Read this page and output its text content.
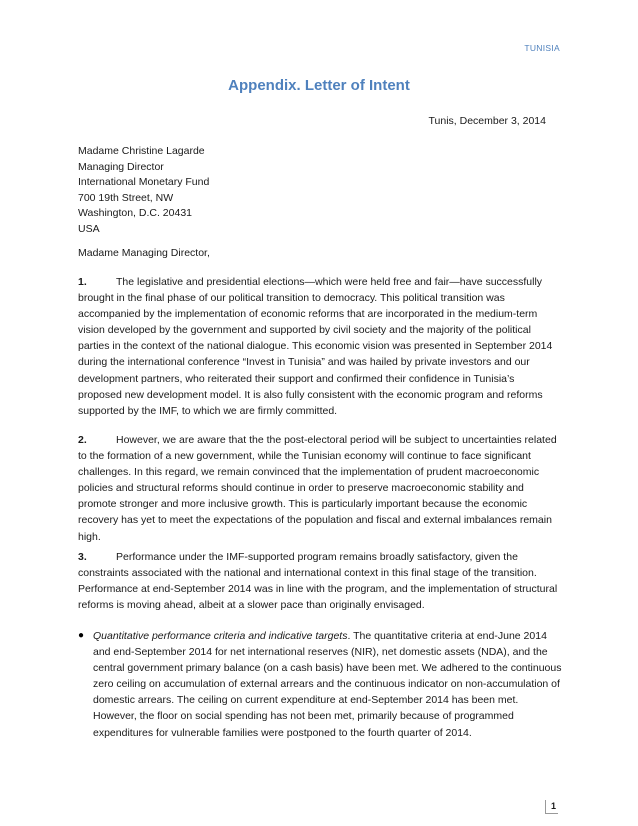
TUNISIA
Appendix. Letter of Intent
Tunis, December 3, 2014
Madame Christine Lagarde
Managing Director
International Monetary Fund
700 19th Street, NW
Washington, D.C. 20431
USA
Madame Managing Director,
1.	The legislative and presidential elections—which were held free and fair—have successfully brought in the final phase of our political transition to democracy. This political transition was accompanied by the implementation of economic reforms that are incorporated in the medium-term vision developed by the government and supported by civil society and the majority of the political parties in the context of the national dialogue. This economic vision was presented in September 2014 during the international conference “Invest in Tunisia” and was hailed by private investors and our development partners, who reiterated their support and confirmed their confidence in Tunisia’s proposed new development model. It is also fully consistent with the economic program and reforms supported by the IMF, to which we are firmly committed.
2.	However, we are aware that the the post-electoral period will be subject to uncertainties related to the formation of a new government, while the Tunisian economy will continue to face significant challenges. In this regard, we remain convinced that the implementation of prudent macroeconomic policies and structural reforms should continue in order to preserve macroeconomic stability and promote stronger and more inclusive growth. This is particularly important because the economic recovery has yet to meet the expectations of the population and fiscal and external imbalances remain high.
3.	Performance under the IMF-supported program remains broadly satisfactory, given the constraints associated with the national and international context in this final stage of the transition. Performance at end-September 2014 was in line with the program, and the implementation of structural reforms is moving ahead, albeit at a slower pace than originally envisaged.
● Quantitative performance criteria and indicative targets. The quantitative criteria at end-June 2014 and end-September 2014 for net international reserves (NIR), net domestic assets (NDA), and the central government primary balance (on a cash basis) have been met. We adhered to the continuous zero ceiling on accumulation of external arrears and the continuous indicator on non-accumulation of domestic arrears. The ceiling on current expenditure at end-September 2014 has been met. However, the floor on social spending has not been met, primarily because of programmed expenditures for vulnerable families were postponed to the fourth quarter of 2014.
1
